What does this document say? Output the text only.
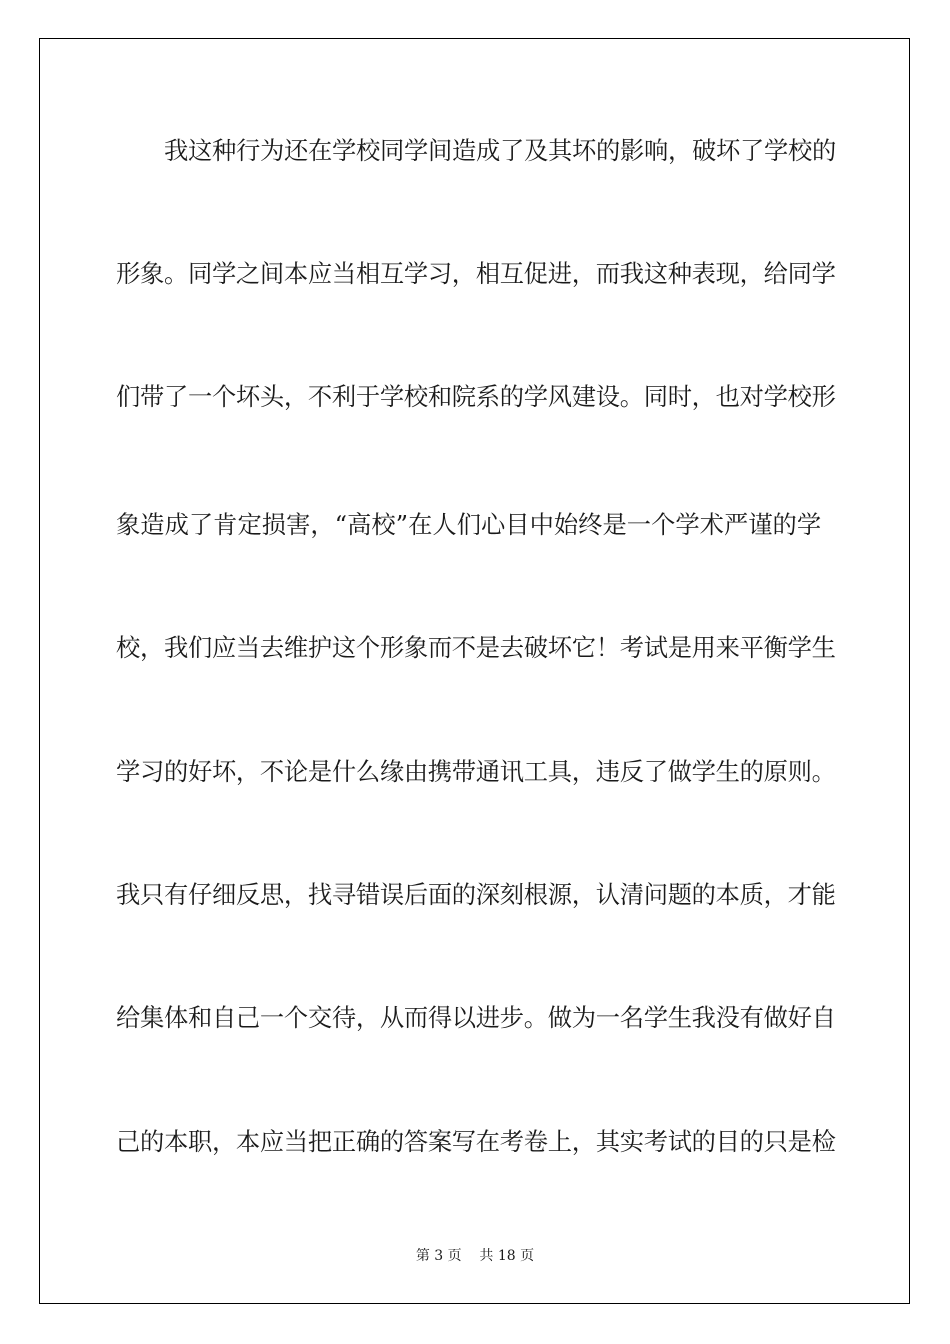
我这种行为还在学校同学间造成了及其坏的影响，破坏了学校的
形象。同学之间本应当相互学习，相互促进，而我这种表现，给同学
们带了一个坏头，不利于学校和院系的学风建设。同时，也对学校形
象造成了肯定损害，“高校”在人们心目中始终是一个学术严谨的学
校，我们应当去维护这个形象而不是去破坏它！考试是用来平衡学生
学习的好坏，不论是什么缘由携带通讯工具，违反了做学生的原则。
我只有仔细反思，找寻错误后面的深刻根源，认清问题的本质，才能
给集体和自己一个交待，从而得以进步。做为一名学生我没有做好自
己的本职，本应当把正确的答案写在考卷上，其实考试的目的只是检
第 3 页    共 18 页
